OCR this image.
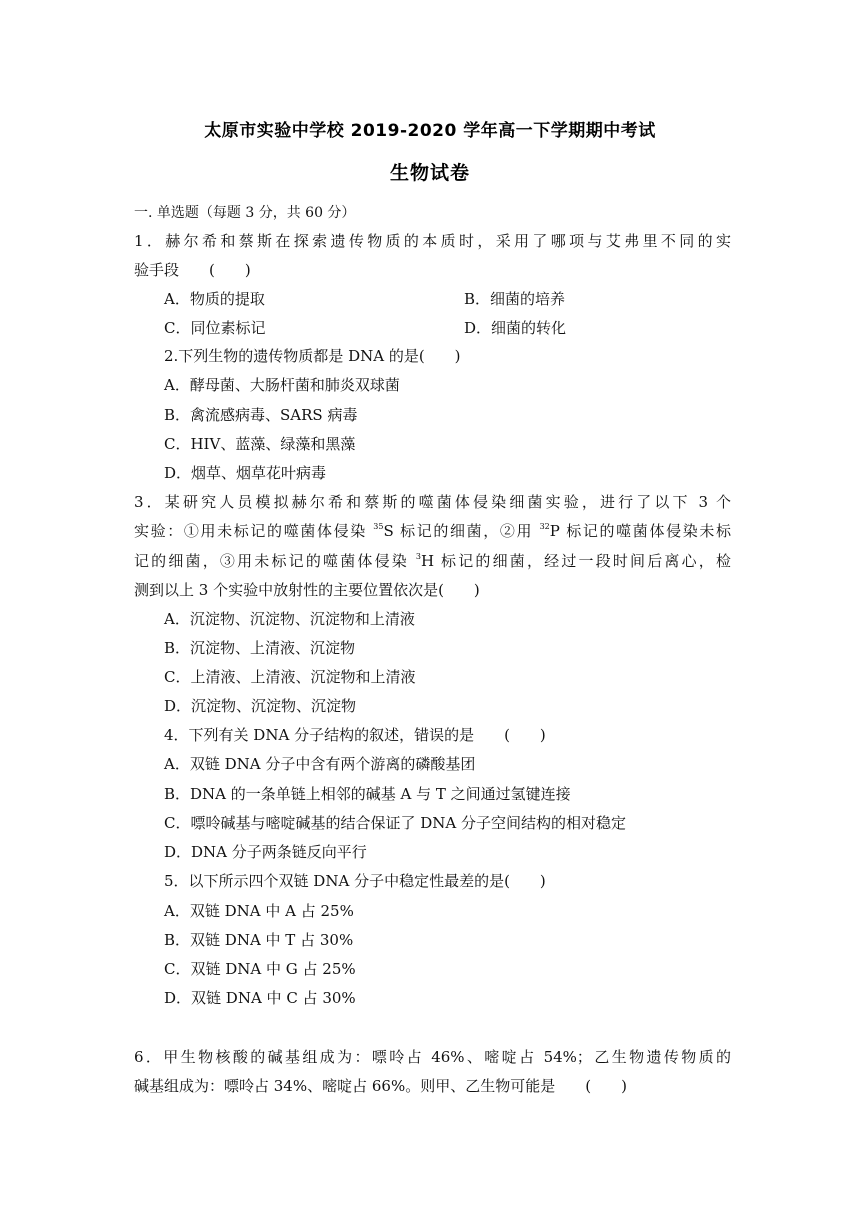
太原市实验中学校 2019-2020 学年高一下学期期中考试
生物试卷
一. 单选题（每题 3 分，共 60 分）
1．赫尔希和蔡斯在探索遗传物质的本质时，采用了哪项与艾弗里不同的实
验手段　　(　　)
A．物质的提取	B．细菌的培养
C．同位素标记	D．细菌的转化
2.下列生物的遗传物质都是 DNA 的是(　　)
A．酵母菌、大肠杆菌和肺炎双球菌
B．禽流感病毒、SARS 病毒
C．HIV、蓝藻、绿藻和黑藻
D．烟草、烟草花叶病毒
3．某研究人员模拟赫尔希和蔡斯的噬菌体侵染细菌实验，进行了以下 3 个
实验：①用未标记的噬菌体侵染 $^{35}$S 标记的细菌，②用 $^{32}$P 标记的噬菌体侵染未标
记的细菌，③用未标记的噬菌体侵染 $^3$H 标记的细菌，经过一段时间后离心，检
测到以上 3 个实验中放射性的主要位置依次是(　　)
A．沉淀物、沉淀物、沉淀物和上清液
B．沉淀物、上清液、沉淀物
C．上清液、上清液、沉淀物和上清液
D．沉淀物、沉淀物、沉淀物
4．下列有关 DNA 分子结构的叙述，错误的是　　(　　)
A．双链 DNA 分子中含有两个游离的磷酸基团
B．DNA 的一条单链上相邻的碱基 A 与 T 之间通过氢键连接
C．嘌呤碱基与嘧啶碱基的结合保证了 DNA 分子空间结构的相对稳定
D．DNA 分子两条链反向平行
5．以下所示四个双链 DNA 分子中稳定性最差的是(　　)
A．双链 DNA 中 A 占 25%
B．双链 DNA 中 T 占 30%
C．双链 DNA 中 G 占 25%
D．双链 DNA 中 C 占 30%
6．甲生物核酸的碱基组成为：嘌呤占 46%、嘧啶占 54%；乙生物遗传物质的
碱基组成为：嘌呤占 34%、嘧啶占 66%。则甲、乙生物可能是　　(　　)
